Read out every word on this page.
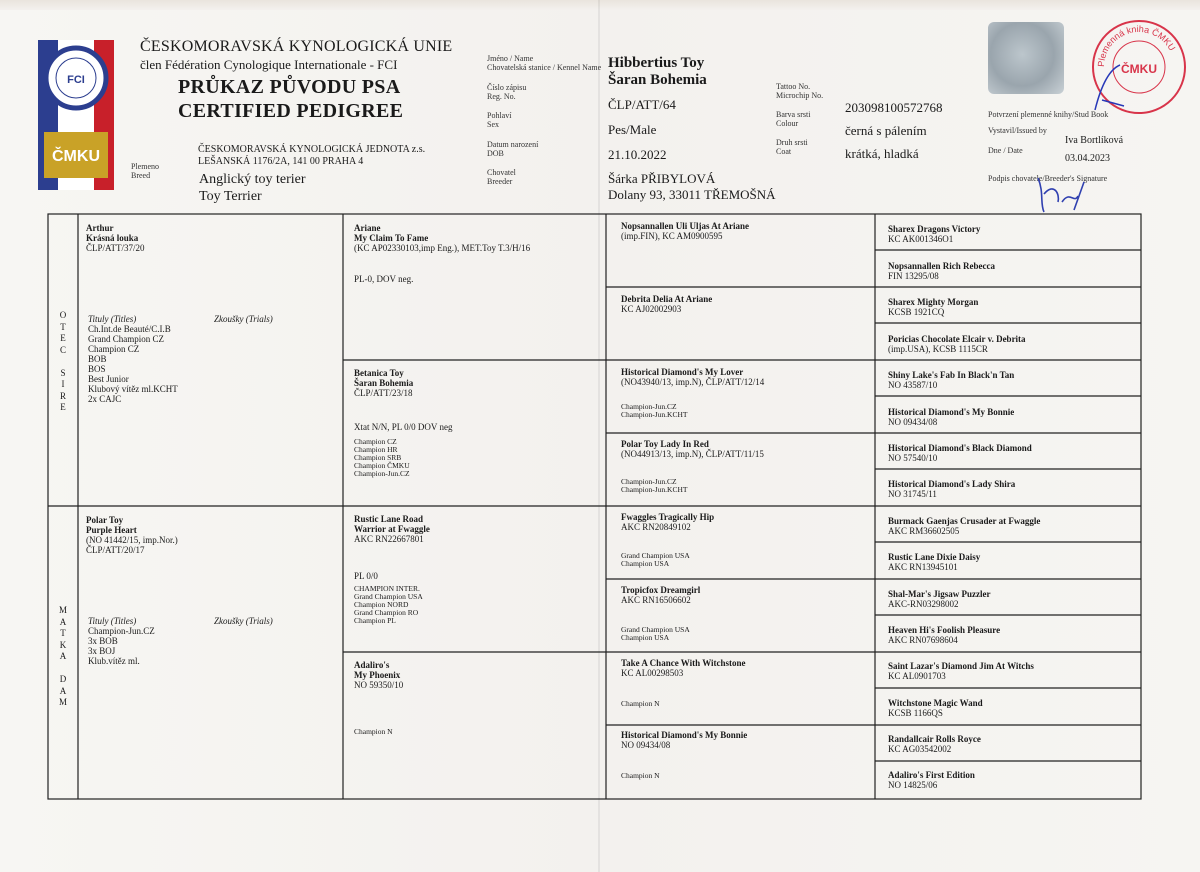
FCI
ČMKU
ČESKOMORAVSKÁ KYNOLOGICKÁ UNIE
člen Fédération Cynologique Internationale - FCI
PRŮKAZ PŮVODU PSA
CERTIFIED PEDIGREE
ČESKOMORAVSKÁ KYNOLOGICKÁ JEDNOTA z.s.
LEŠANSKÁ 1176/2A, 141 00 PRAHA 4
Plemeno
Breed	Anglický toy terier
Toy Terrier
Jméno / Name
Chovatelská stanice / Kennel Name
Číslo zápisu
Reg. No.
Pohlaví
Sex
Datum narození
DOB
Chovatel
Breeder
Hibbertius Toy
Šaran Bohemia
ČLP/ATT/64
Pes/Male
21.10.2022
Šárka PŘIBYLOVÁ
Dolany 93, 33011 TŘEMOŠNÁ
Tattoo No.
Microchip No.
Barva srsti
Colour
Druh srsti
Coat
203098100572768
černá s pálením
krátká, hladká
Plemenná kniha ČMKU
ČMKU
Potvrzení plemenné knihy/Stud Book
Vystavil/Issued by
Iva Bortlíková
Dne / Date
03.04.2023
Podpis chovatele/Breeder's Signature
O
T
E
C

S
I
R
E
M
A
T
K
A

D
A
M
Arthur
Krásná louka
ČLP/ATT/37/20
Tituly (Titles)
Ch.Int.de Beauté/C.I.B
Grand Champion CZ
Champion CZ
BOB
BOS
Best Junior
Klubový vítěz ml.KCHT
2x CAJC
Zkoušky (Trials)
Polar Toy
Purple Heart
(NO 41442/15, imp.Nor.)
ČLP/ATT/20/17
Tituly (Titles)
Champion-Jun.CZ
3x BOB
3x BOJ
Klub.vítěz ml.
Zkoušky (Trials)
Ariane
My Claim To Fame
(KC AP02330103,imp Eng.), MET.Toy T.3/H/16
PL-0, DOV neg.
Betanica Toy
Šaran Bohemia
ČLP/ATT/23/18
Xtat N/N, PL 0/0 DOV neg
Champion CZ
Champion HR
Champion SRB
Champion ČMKU
Champion-Jun.CZ
Rustic Lane Road
Warrior at Fwaggle
AKC RN22667801
PL 0/0
CHAMPION INTER.
Grand Champion USA
Champion NORD
Grand Champion RO
Champion PL
Adaliro's
My Phoenix
NO 59350/10
Champion N
Nopsannallen Uli Uljas At Ariane
(imp.FIN), KC AM0900595
Debrita Delia At Ariane
KC AJ02002903
Historical Diamond's My Lover
(NO43940/13, imp.N), ČLP/ATT/12/14
Champion-Jun.CZ
Champion-Jun.KCHT
Polar Toy Lady In Red
(NO44913/13, imp.N), ČLP/ATT/11/15
Champion-Jun.CZ
Champion-Jun.KCHT
Fwaggles Tragically Hip
AKC RN20849102
Grand Champion USA
Champion USA
Tropicfox Dreamgirl
AKC RN16506602
Grand Champion USA
Champion USA
Take A Chance With Witchstone
KC AL00298503
Champion N
Historical Diamond's My Bonnie
NO 09434/08
Champion N
Sharex Dragons Victory
KC AK001346O1
Nopsannallen Rich Rebecca
FIN 13295/08
Sharex Mighty Morgan
KCSB 1921CQ
Poricias Chocolate Elcair v. Debrita
(imp.USA), KCSB 1115CR
Shiny Lake's Fab In Black'n Tan
NO 43587/10
Historical Diamond's My Bonnie
NO 09434/08
Historical Diamond's Black Diamond
NO 57540/10
Historical Diamond's Lady Shira
NO 31745/11
Burmack Gaenjas Crusader at Fwaggle
AKC RM36602505
Rustic Lane Dixie Daisy
AKC RN13945101
Shal-Mar's Jigsaw Puzzler
AKC-RN03298002
Heaven Hi's Foolish Pleasure
AKC RN07698604
Saint Lazar's Diamond Jim At Witchs
KC AL0901703
Witchstone Magic Wand
KCSB 1166QS
Randallcair Rolls Royce
KC AG03542002
Adaliro's First Edition
NO 14825/06
